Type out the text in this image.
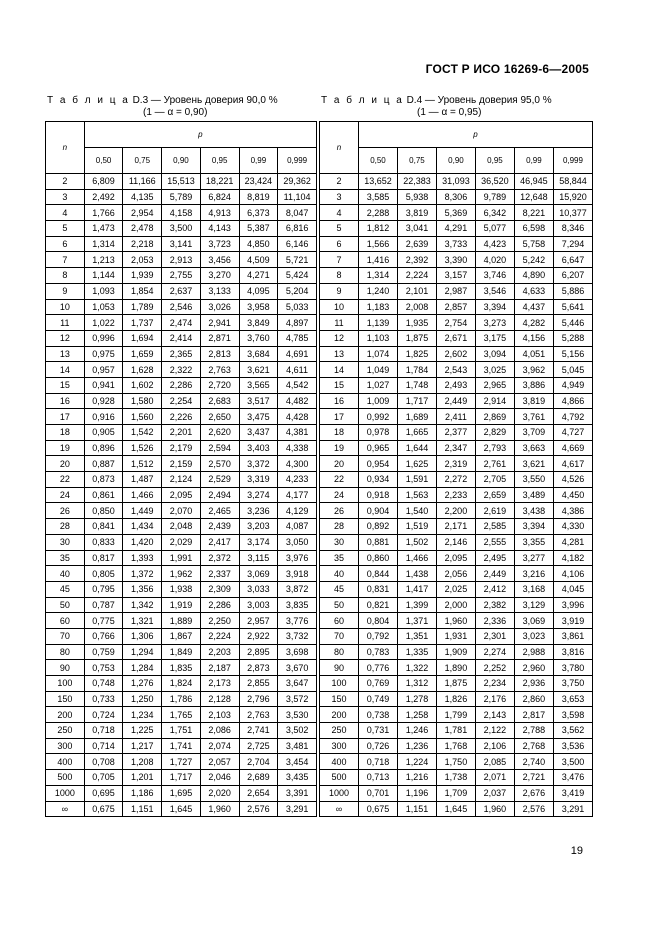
ГОСТ Р ИСО 16269-6—2005
Т а б л и ц а D.3 — Уровень доверия 90,0 %
(1 — α = 0,90)
Т а б л и ц а D.4 — Уровень доверия 95,0 %
(1 — α = 0,95)
n	p					
	0,50	0,75	0,90	0,95	0,99	0,999
2	6,809	11,166	15,513	18,221	23,424	29,362
3	2,492	4,135	5,789	6,824	8,819	11,104
4	1,766	2,954	4,158	4,913	6,373	8,047
5	1,473	2,478	3,500	4,143	5,387	6,816
6	1,314	2,218	3,141	3,723	4,850	6,146
7	1,213	2,053	2,913	3,456	4,509	5,721
8	1,144	1,939	2,755	3,270	4,271	5,424
9	1,093	1,854	2,637	3,133	4,095	5,204
10	1,053	1,789	2,546	3,026	3,958	5,033
11	1,022	1,737	2,474	2,941	3,849	4,897
12	0,996	1,694	2,414	2,871	3,760	4,785
13	0,975	1,659	2,365	2,813	3,684	4,691
14	0,957	1,628	2,322	2,763	3,621	4,611
15	0,941	1,602	2,286	2,720	3,565	4,542
16	0,928	1,580	2,254	2,683	3,517	4,482
17	0,916	1,560	2,226	2,650	3,475	4,428
18	0,905	1,542	2,201	2,620	3,437	4,381
19	0,896	1,526	2,179	2,594	3,403	4,338
20	0,887	1,512	2,159	2,570	3,372	4,300
22	0,873	1,487	2,124	2,529	3,319	4,233
24	0,861	1,466	2,095	2,494	3,274	4,177
26	0,850	1,449	2,070	2,465	3,236	4,129
28	0,841	1,434	2,048	2,439	3,203	4,087
30	0,833	1,420	2,029	2,417	3,174	3,050
35	0,817	1,393	1,991	2,372	3,115	3,976
40	0,805	1,372	1,962	2,337	3,069	3,918
45	0,795	1,356	1,938	2,309	3,033	3,872
50	0,787	1,342	1,919	2,286	3,003	3,835
60	0,775	1,321	1,889	2,250	2,957	3,776
70	0,766	1,306	1,867	2,224	2,922	3,732
80	0,759	1,294	1,849	2,203	2,895	3,698
90	0,753	1,284	1,835	2,187	2,873	3,670
100	0,748	1,276	1,824	2,173	2,855	3,647
150	0,733	1,250	1,786	2,128	2,796	3,572
200	0,724	1,234	1,765	2,103	2,763	3,530
250	0,718	1,225	1,751	2,086	2,741	3,502
300	0,714	1,217	1,741	2,074	2,725	3,481
400	0,708	1,208	1,727	2,057	2,704	3,454
500	0,705	1,201	1,717	2,046	2,689	3,435
1000	0,695	1,186	1,695	2,020	2,654	3,391
∞	0,675	1,151	1,645	1,960	2,576	3,291
n	p					
	0,50	0,75	0,90	0,95	0,99	0,999
2	13,652	22,383	31,093	36,520	46,945	58,844
3	3,585	5,938	8,306	9,789	12,648	15,920
4	2,288	3,819	5,369	6,342	8,221	10,377
5	1,812	3,041	4,291	5,077	6,598	8,346
6	1,566	2,639	3,733	4,423	5,758	7,294
7	1,416	2,392	3,390	4,020	5,242	6,647
8	1,314	2,224	3,157	3,746	4,890	6,207
9	1,240	2,101	2,987	3,546	4,633	5,886
10	1,183	2,008	2,857	3,394	4,437	5,641
11	1,139	1,935	2,754	3,273	4,282	5,446
12	1,103	1,875	2,671	3,175	4,156	5,288
13	1,074	1,825	2,602	3,094	4,051	5,156
14	1,049	1,784	2,543	3,025	3,962	5,045
15	1,027	1,748	2,493	2,965	3,886	4,949
16	1,009	1,717	2,449	2,914	3,819	4,866
17	0,992	1,689	2,411	2,869	3,761	4,792
18	0,978	1,665	2,377	2,829	3,709	4,727
19	0,965	1,644	2,347	2,793	3,663	4,669
20	0,954	1,625	2,319	2,761	3,621	4,617
22	0,934	1,591	2,272	2,705	3,550	4,526
24	0,918	1,563	2,233	2,659	3,489	4,450
26	0,904	1,540	2,200	2,619	3,438	4,386
28	0,892	1,519	2,171	2,585	3,394	4,330
30	0,881	1,502	2,146	2,555	3,355	4,281
35	0,860	1,466	2,095	2,495	3,277	4,182
40	0,844	1,438	2,056	2,449	3,216	4,106
45	0,831	1,417	2,025	2,412	3,168	4,045
50	0,821	1,399	2,000	2,382	3,129	3,996
60	0,804	1,371	1,960	2,336	3,069	3,919
70	0,792	1,351	1,931	2,301	3,023	3,861
80	0,783	1,335	1,909	2,274	2,988	3,816
90	0,776	1,322	1,890	2,252	2,960	3,780
100	0,769	1,312	1,875	2,234	2,936	3,750
150	0,749	1,278	1,826	2,176	2,860	3,653
200	0,738	1,258	1,799	2,143	2,817	3,598
250	0,731	1,246	1,781	2,122	2,788	3,562
300	0,726	1,236	1,768	2,106	2,768	3,536
400	0,718	1,224	1,750	2,085	2,740	3,500
500	0,713	1,216	1,738	2,071	2,721	3,476
1000	0,701	1,196	1,709	2,037	2,676	3,419
∞	0,675	1,151	1,645	1,960	2,576	3,291
19
